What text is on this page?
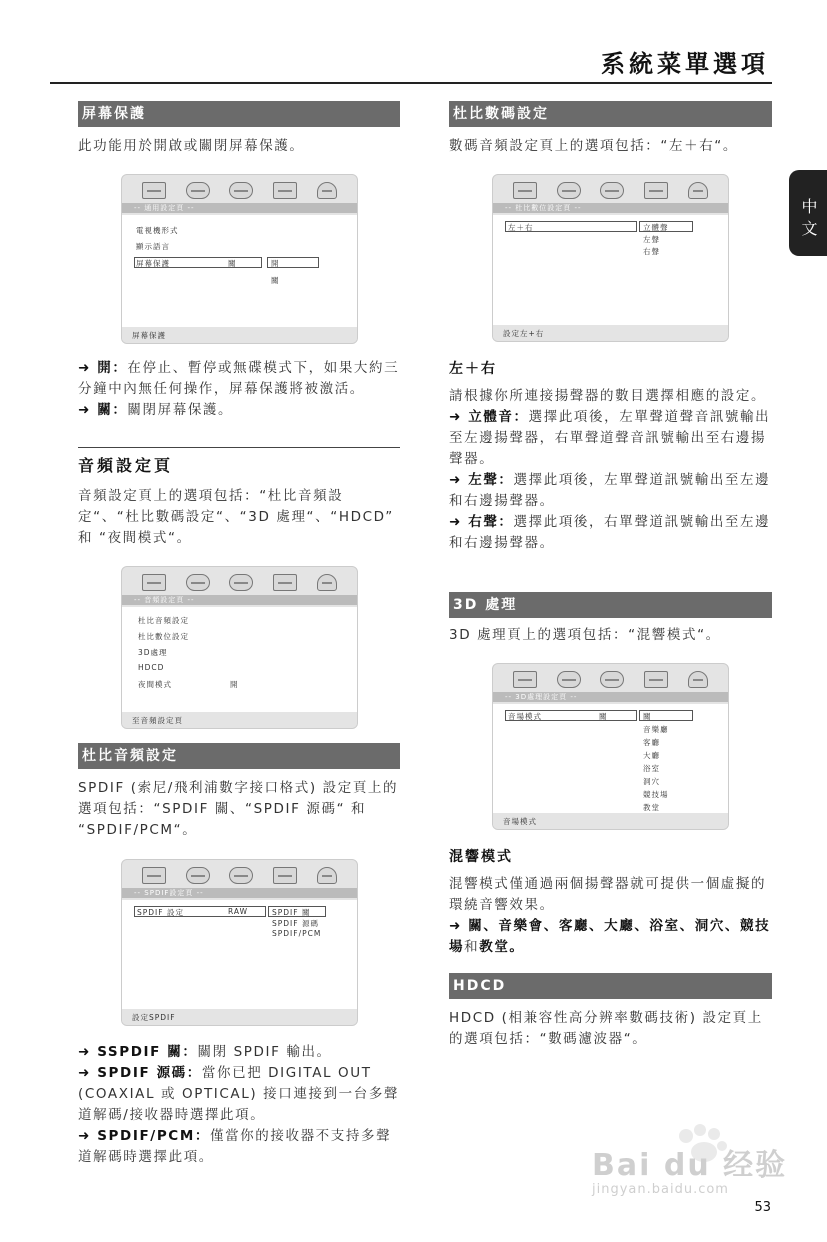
系統菜單選項
中文
屏幕保護
此功能用於開啟或關閉屏幕保護。
-- 通用設定頁 --
電視機形式
顯示語言
屏幕保護	關	開
關
屏幕保護
➜ 開：在停止、暫停或無碟模式下，如果大約三分鐘中內無任何操作，屏幕保護將被激活。
➜ 關：關閉屏幕保護。
音頻設定頁
音頻設定頁上的選項包括：“杜比音頻設定“、“杜比數碼設定“、“3D 處理“、“HDCD” 和 “夜間模式“。
-- 音頻設定頁 --
杜比音頻設定
杜比數位設定
3D處理
HDCD
夜間模式	開
至音頻設定頁
杜比音頻設定
SPDIF (索尼/飛利浦數字接口格式) 設定頁上的選項包括：“SPDIF 關、“SPDIF 源碼“ 和 “SPDIF/PCM“。
-- SPDIF設定頁 --
SPDIF 設定	RAW	SPDIF 關
SPDIF 源碼
SPDIF/PCM
設定SPDIF
➜ SSPDIF 關：關閉 SPDIF 輸出。
➜ SPDIF 源碼：當你已把 DIGITAL OUT (COAXIAL 或 OPTICAL) 接口連接到一台多聲道解碼/接收器時選擇此項。
➜ SPDIF/PCM：僅當你的接收器不支持多聲道解碼時選擇此項。
杜比數碼設定
數碼音頻設定頁上的選項包括：“左＋右“。
-- 杜比數位設定頁 --
左＋右	立體聲
左聲
右聲
設定左+右
左＋右
請根據你所連接揚聲器的數目選擇相應的設定。
➜ 立體音：選擇此項後，左單聲道聲音訊號輸出至左邊揚聲器，右單聲道聲音訊號輸出至右邊揚聲器。
➜ 左聲：選擇此項後，左單聲道訊號輸出至左邊和右邊揚聲器。
➜ 右聲：選擇此項後，右單聲道訊號輸出至左邊和右邊揚聲器。
3D 處理
3D 處理頁上的選項包括：“混響模式“。
-- 3D處理設定頁 --
音場模式	關	關
音樂廳
客廳
大廳
浴室
洞穴
競技場
教堂
音場模式
混響模式
混響模式僅通過兩個揚聲器就可提供一個虛擬的環繞音響效果。
➜ 關、音樂會、客廳、大廳、浴室、洞穴、競技場和教堂。
HDCD
HDCD (相兼容性高分辨率數碼技術) 設定頁上的選項包括：“數碼濾波器“。
Bai du 经验
jingyan.baidu.com
53
